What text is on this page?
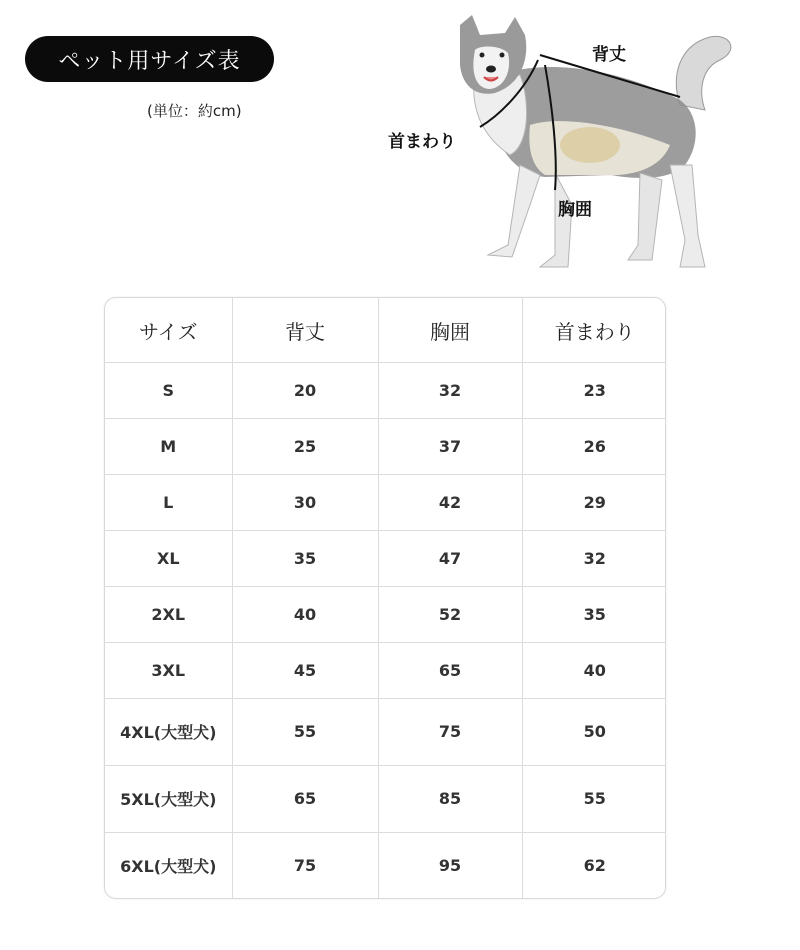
ペット用サイズ表
(単位：約cm)
背丈
首まわり
胸囲
サイズ	背丈	胸囲	首まわり
S	20	32	23
M	25	37	26
L	30	42	29
XL	35	47	32
2XL	40	52	35
3XL	45	65	40
4XL(大型犬)	55	75	50
5XL(大型犬)	65	85	55
6XL(大型犬)	75	95	62
